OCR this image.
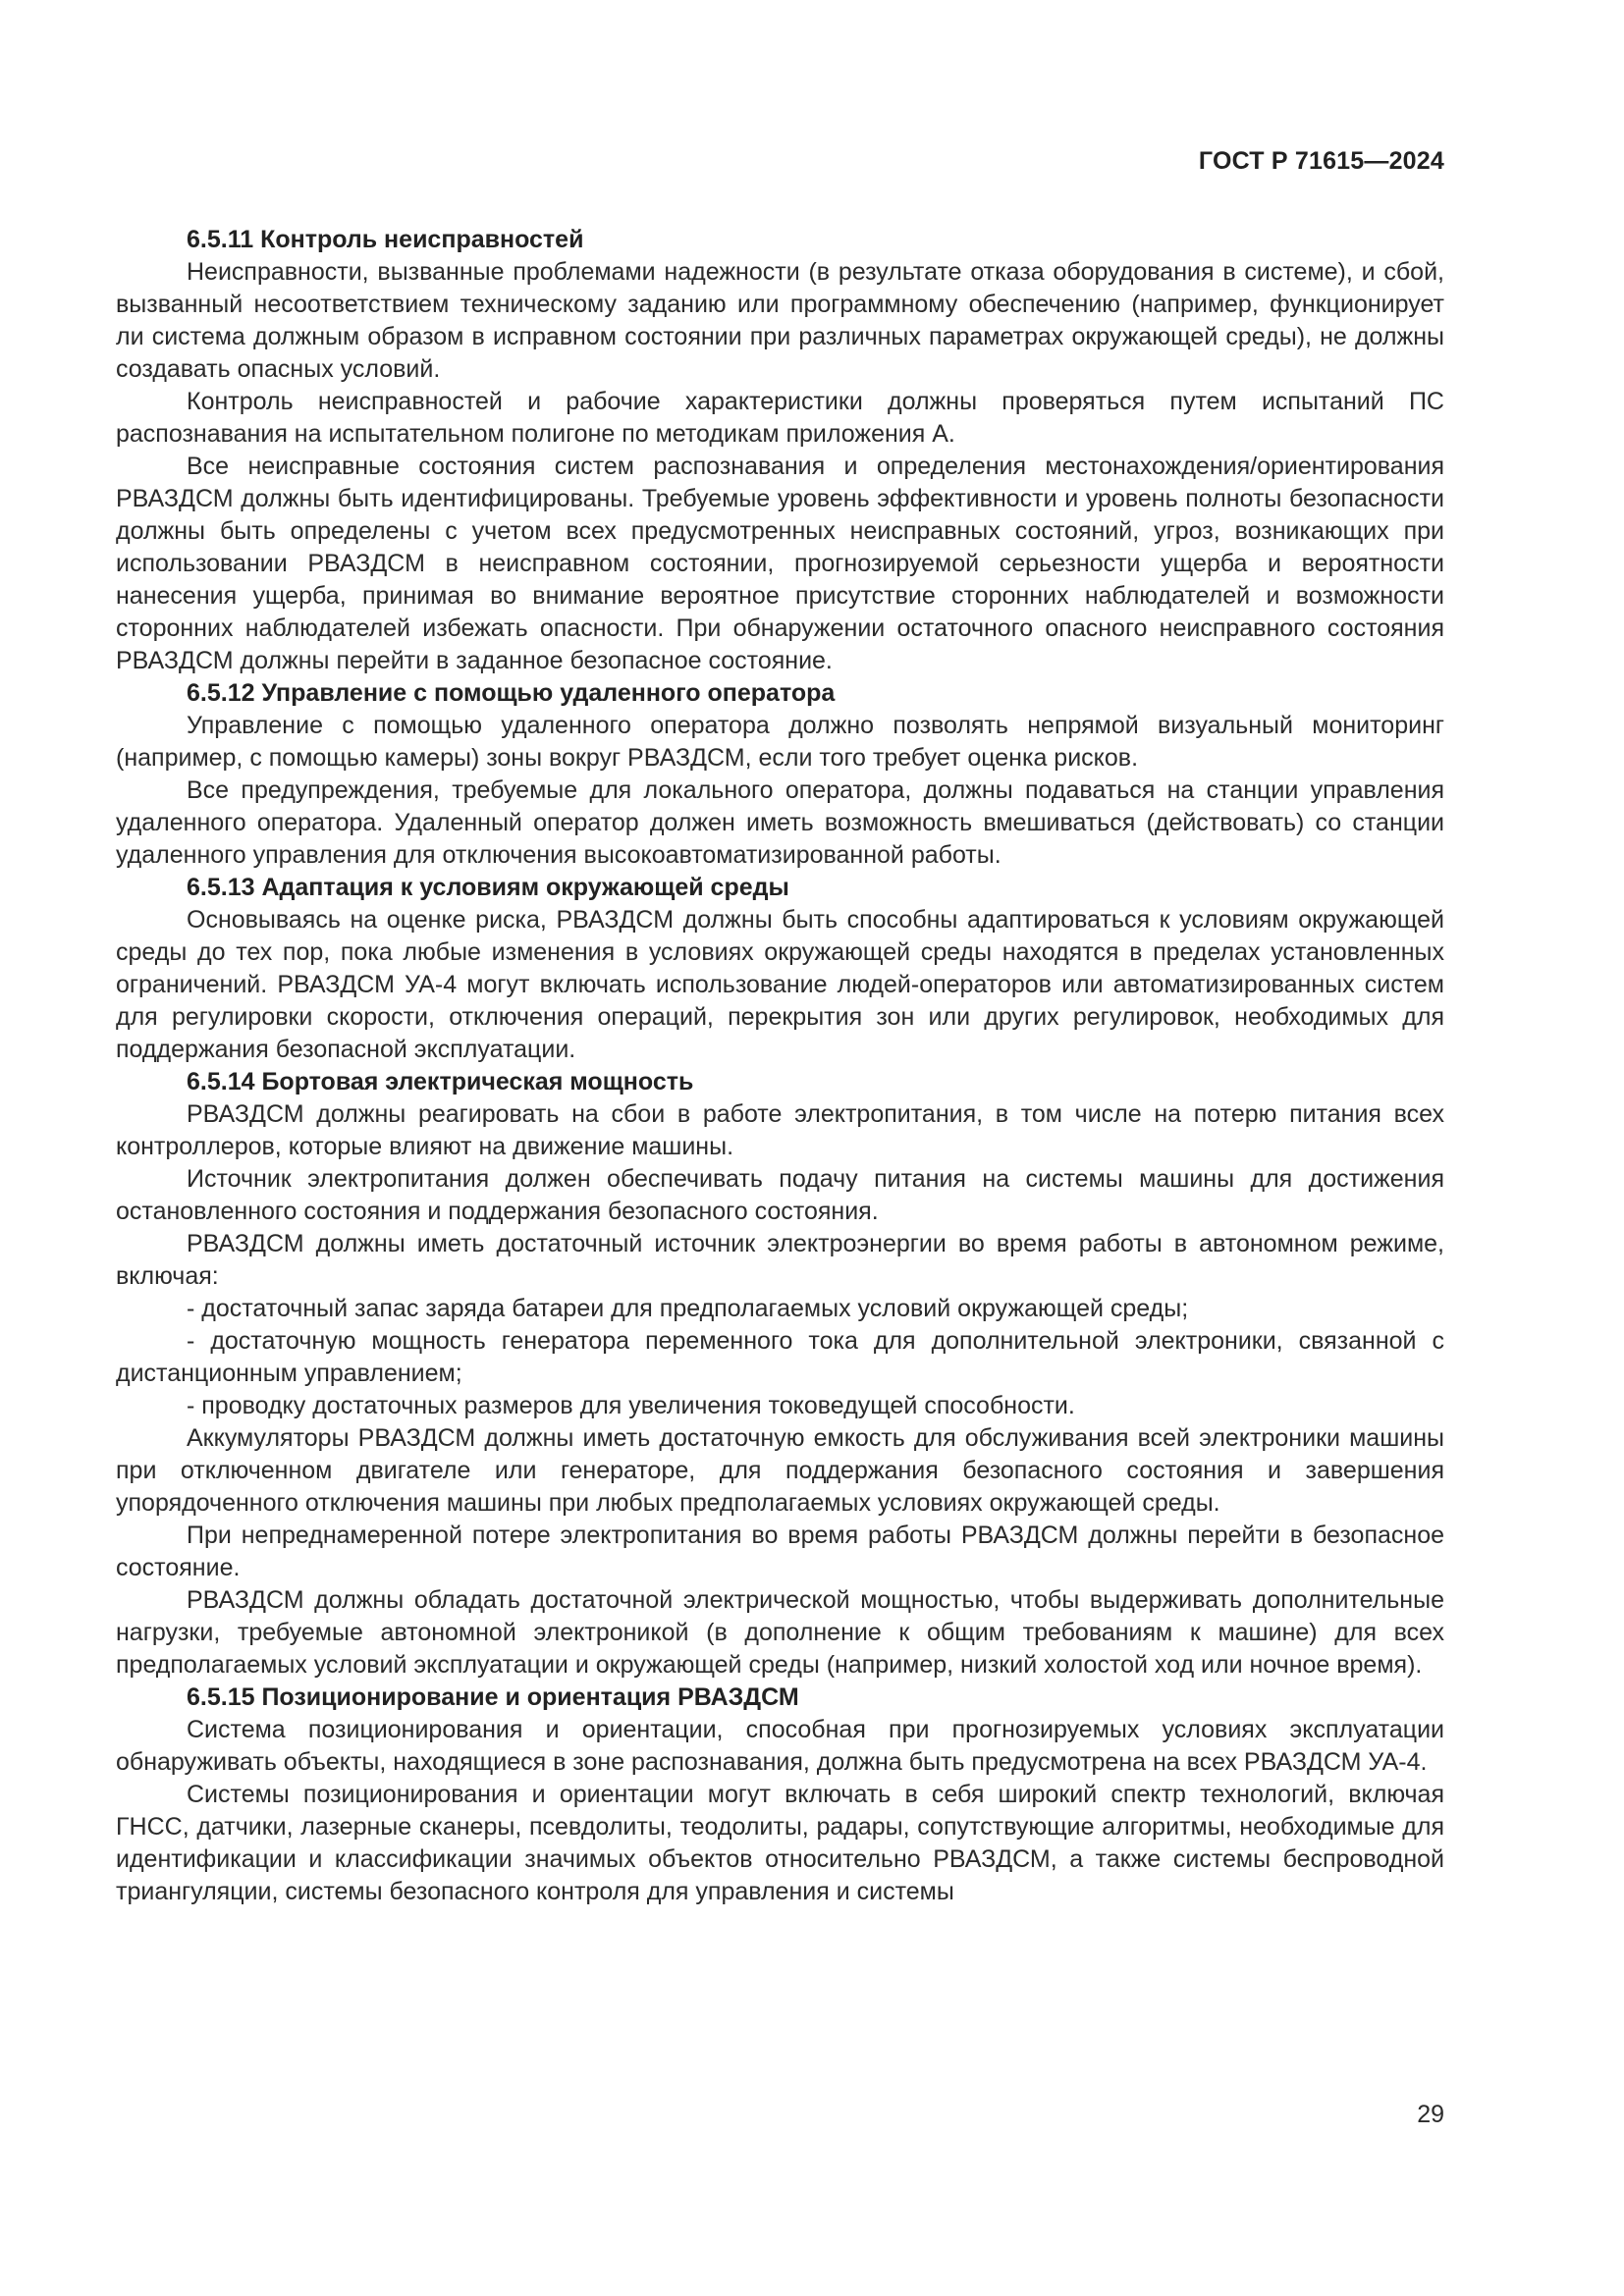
ГОСТ Р 71615—2024
6.5.11 Контроль неисправностей

Неисправности, вызванные проблемами надежности (в результате отказа оборудования в системе), и сбой, вызванный несоответствием техническому заданию или программному обеспечению (например, функционирует ли система должным образом в исправном состоянии при различных параметрах окружающей среды), не должны создавать опасных условий.

Контроль неисправностей и рабочие характеристики должны проверяться путем испытаний ПС распознавания на испытательном полигоне по методикам приложения А.

Все неисправные состояния систем распознавания и определения местонахождения/ориентирования РВАЗДСМ должны быть идентифицированы. Требуемые уровень эффективности и уровень полноты безопасности должны быть определены с учетом всех предусмотренных неисправных состояний, угроз, возникающих при использовании РВАЗДСМ в неисправном состоянии, прогнозируемой серьезности ущерба и вероятности нанесения ущерба, принимая во внимание вероятное присутствие сторонних наблюдателей и возможности сторонних наблюдателей избежать опасности. При обнаружении остаточного опасного неисправного состояния РВАЗДСМ должны перейти в заданное безопасное состояние.

6.5.12 Управление с помощью удаленного оператора

Управление с помощью удаленного оператора должно позволять непрямой визуальный мониторинг (например, с помощью камеры) зоны вокруг РВАЗДСМ, если того требует оценка рисков.

Все предупреждения, требуемые для локального оператора, должны подаваться на станции управления удаленного оператора. Удаленный оператор должен иметь возможность вмешиваться (действовать) со станции удаленного управления для отключения высокоавтоматизированной работы.

6.5.13 Адаптация к условиям окружающей среды

Основываясь на оценке риска, РВАЗДСМ должны быть способны адаптироваться к условиям окружающей среды до тех пор, пока любые изменения в условиях окружающей среды находятся в пределах установленных ограничений. РВАЗДСМ УА-4 могут включать использование людей-операторов или автоматизированных систем для регулировки скорости, отключения операций, перекрытия зон или других регулировок, необходимых для поддержания безопасной эксплуатации.

6.5.14 Бортовая электрическая мощность

РВАЗДСМ должны реагировать на сбои в работе электропитания, в том числе на потерю питания всех контроллеров, которые влияют на движение машины.

Источник электропитания должен обеспечивать подачу питания на системы машины для достижения остановленного состояния и поддержания безопасного состояния.

РВАЗДСМ должны иметь достаточный источник электроэнергии во время работы в автономном режиме, включая:

- достаточный запас заряда батареи для предполагаемых условий окружающей среды;

- достаточную мощность генератора переменного тока для дополнительной электроники, связанной с дистанционным управлением;

- проводку достаточных размеров для увеличения токоведущей способности.

Аккумуляторы РВАЗДСМ должны иметь достаточную емкость для обслуживания всей электроники машины при отключенном двигателе или генераторе, для поддержания безопасного состояния и завершения упорядоченного отключения машины при любых предполагаемых условиях окружающей среды.

При непреднамеренной потере электропитания во время работы РВАЗДСМ должны перейти в безопасное состояние.

РВАЗДСМ должны обладать достаточной электрической мощностью, чтобы выдерживать дополнительные нагрузки, требуемые автономной электроникой (в дополнение к общим требованиям к машине) для всех предполагаемых условий эксплуатации и окружающей среды (например, низкий холостой ход или ночное время).

6.5.15 Позиционирование и ориентация РВАЗДСМ

Система позиционирования и ориентации, способная при прогнозируемых условиях эксплуатации обнаруживать объекты, находящиеся в зоне распознавания, должна быть предусмотрена на всех РВАЗДСМ УА-4.

Системы позиционирования и ориентации могут включать в себя широкий спектр технологий, включая ГНСС, датчики, лазерные сканеры, псевдолиты, теодолиты, радары, сопутствующие алгоритмы, необходимые для идентификации и классификации значимых объектов относительно РВАЗДСМ, а также системы беспроводной триангуляции, системы безопасного контроля для управления и системы

29
